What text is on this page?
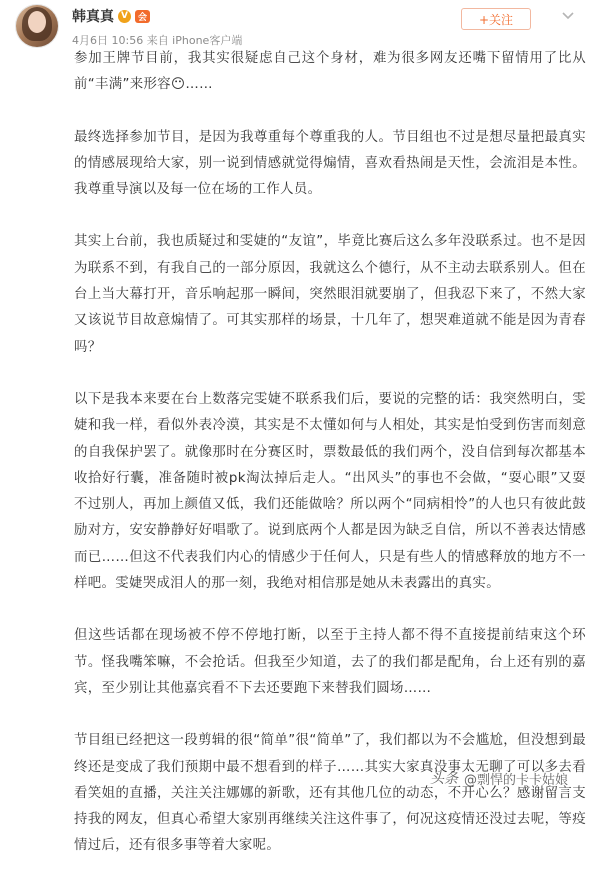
韩真真 V	会
4月6日 10:56 来自 iPhone客户端
+关注

参加王牌节目前，我其实很疑虑自己这个身材，难为很多网友还嘴下留情用了比从前“丰满”来形容😶……

最终选择参加节目，是因为我尊重每个尊重我的人。节目组也不过是想尽量把最真实的情感展现给大家，别一说到情感就觉得煽情，喜欢看热闹是天性，会流泪是本性。我尊重导演以及每一位在场的工作人员。

其实上台前，我也质疑过和雯婕的“友谊”，毕竟比赛后这么多年没联系过。也不是因为联系不到，有我自己的一部分原因，我就这么个德行，从不主动去联系别人。但在台上当大幕打开，音乐响起那一瞬间，突然眼泪就要崩了，但我忍下来了，不然大家又该说节目故意煽情了。可其实那样的场景，十几年了，想哭难道就不能是因为青春吗？

以下是我本来要在台上数落完雯婕不联系我们后，要说的完整的话：我突然明白，雯婕和我一样，看似外表冷漠，其实是不太懂如何与人相处，其实是怕受到伤害而刻意的自我保护罢了。就像那时在分赛区时，票数最低的我们两个，没自信到每次都基本收拾好行囊，准备随时被pk淘汰掉后走人。“出风头”的事也不会做，“耍心眼”又耍不过别人，再加上颜值又低，我们还能做啥？所以两个“同病相怜”的人也只有彼此鼓励对方，安安静静好好唱歌了。说到底两个人都是因为缺乏自信，所以不善表达情感而已……但这不代表我们内心的情感少于任何人，只是有些人的情感释放的地方不一样吧。雯婕哭成泪人的那一刻，我绝对相信那是她从未表露出的真实。

但这些话都在现场被不停不停地打断，以至于主持人都不得不直接提前结束这个环节。怪我嘴笨嘛，不会抢话。但我至少知道，去了的我们都是配角，台上还有别的嘉宾，至少别让其他嘉宾看不下去还要跑下来替我们圆场……

节目组已经把这一段剪辑的很“简单”很“简单”了，我们都以为不会尴尬，但没想到最终还是变成了我们预期中最不想看到的样子……其实大家真没事太无聊了可以多去看看笑姐的直播，关注关注娜娜的新歌，还有其他几位的动态，不开心么？感谢留言支持我的网友，但真心希望大家别再继续关注这件事了，何况这疫情还没过去呢，等疫情过后，还有很多事等着大家呢。

头条 @剽悍的卡卡姑娘
